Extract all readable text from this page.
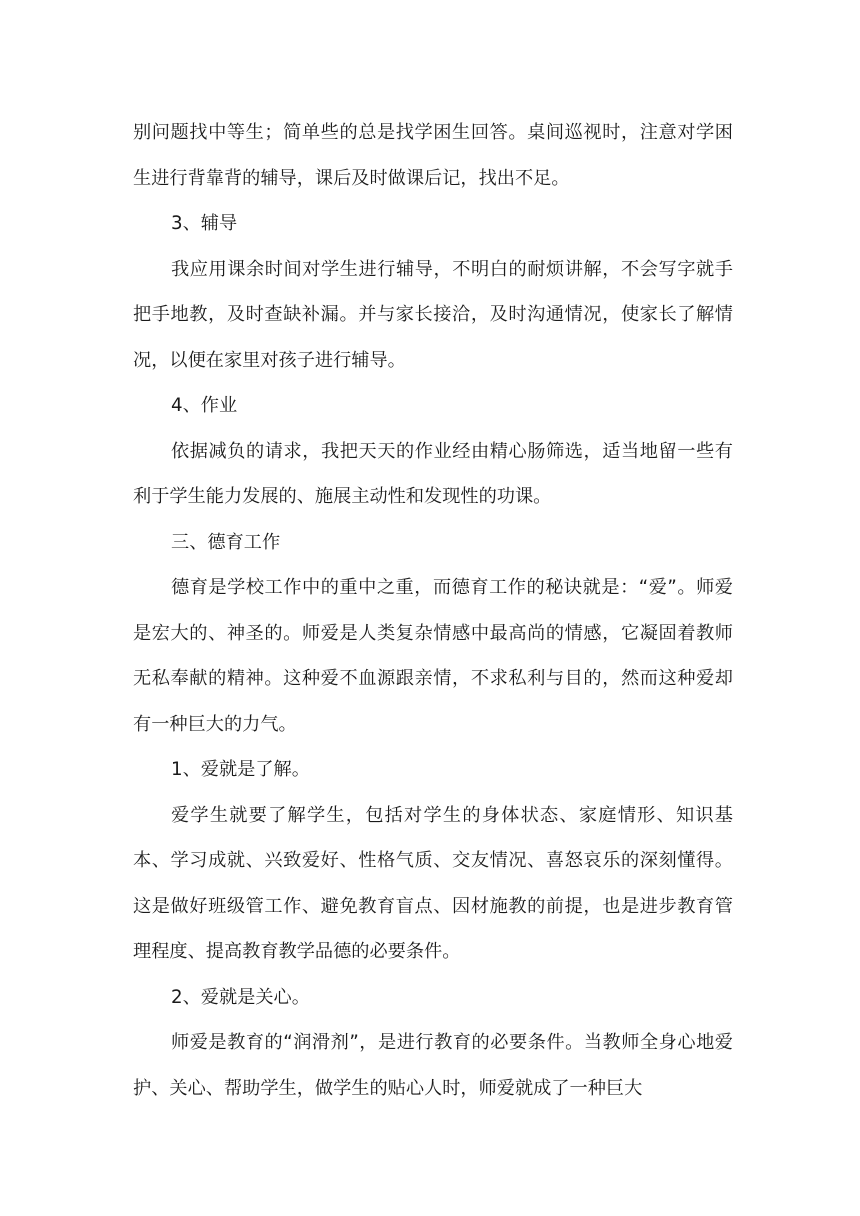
别问题找中等生；简单些的总是找学困生回答。桌间巡视时，注意对学困生进行背靠背的辅导，课后及时做课后记，找出不足。

3、辅导

我应用课余时间对学生进行辅导，不明白的耐烦讲解，不会写字就手把手地教，及时查缺补漏。并与家长接洽，及时沟通情况，使家长了解情况，以便在家里对孩子进行辅导。

4、作业

依据减负的请求，我把天天的作业经由精心肠筛选，适当地留一些有利于学生能力发展的、施展主动性和发现性的功课。

三、德育工作

德育是学校工作中的重中之重，而德育工作的秘诀就是：“爱”。师爱是宏大的、神圣的。师爱是人类复杂情感中最高尚的情感，它凝固着教师无私奉献的精神。这种爱不血源跟亲情，不求私利与目的，然而这种爱却有一种巨大的力气。

1、爱就是了解。

爱学生就要了解学生，包括对学生的身体状态、家庭情形、知识基本、学习成就、兴致爱好、性格气质、交友情况、喜怒哀乐的深刻懂得。这是做好班级管工作、避免教育盲点、因材施教的前提，也是进步教育管理程度、提高教育教学品德的必要条件。

2、爱就是关心。

师爱是教育的“润滑剂”，是进行教育的必要条件。当教师全身心地爱护、关心、帮助学生，做学生的贴心人时，师爱就成了一种巨大
